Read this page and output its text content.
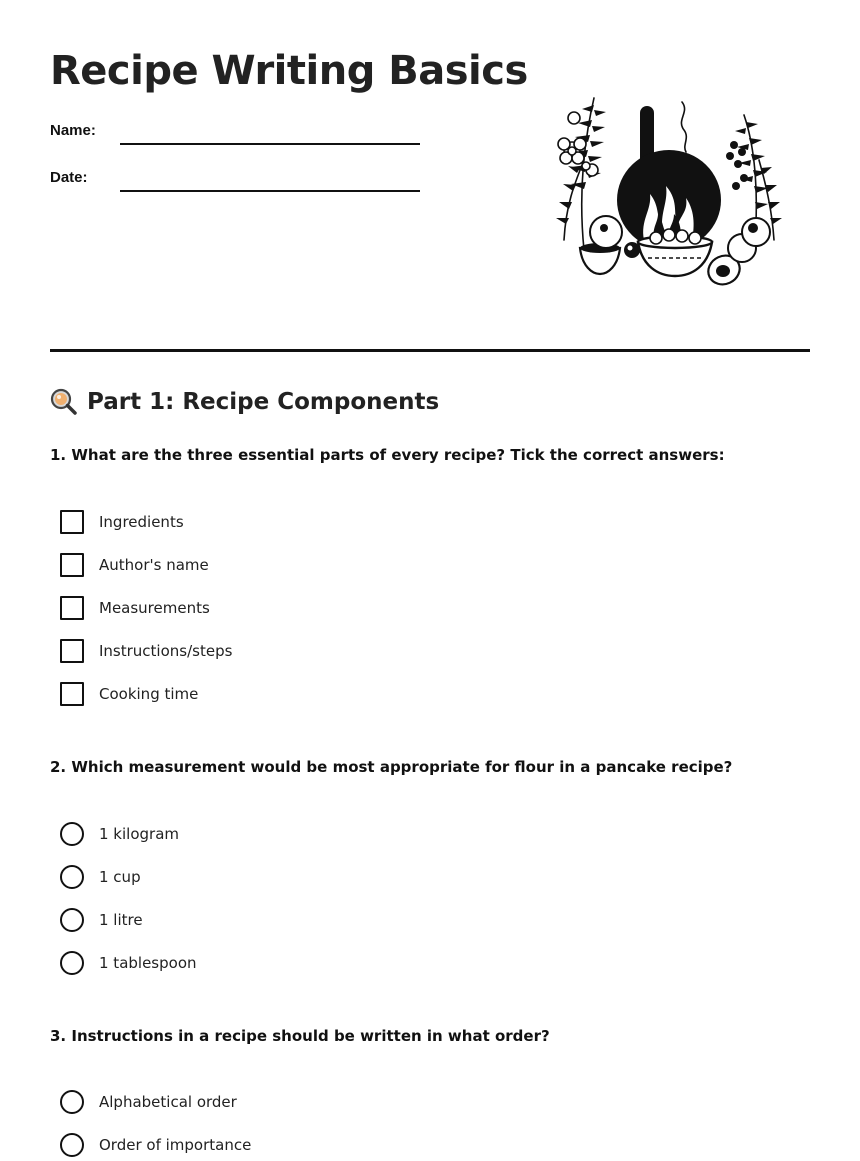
Recipe Writing Basics
Name:
Date:
Part 1: Recipe Components

1. What are the three essential parts of every recipe? Tick the correct answers:

Ingredients
Author's name
Measurements
Instructions/steps
Cooking time

2. Which measurement would be most appropriate for flour in a pancake recipe?

1 kilogram
1 cup
1 litre
1 tablespoon

3. Instructions in a recipe should be written in what order?

Alphabetical order
Order of importance
